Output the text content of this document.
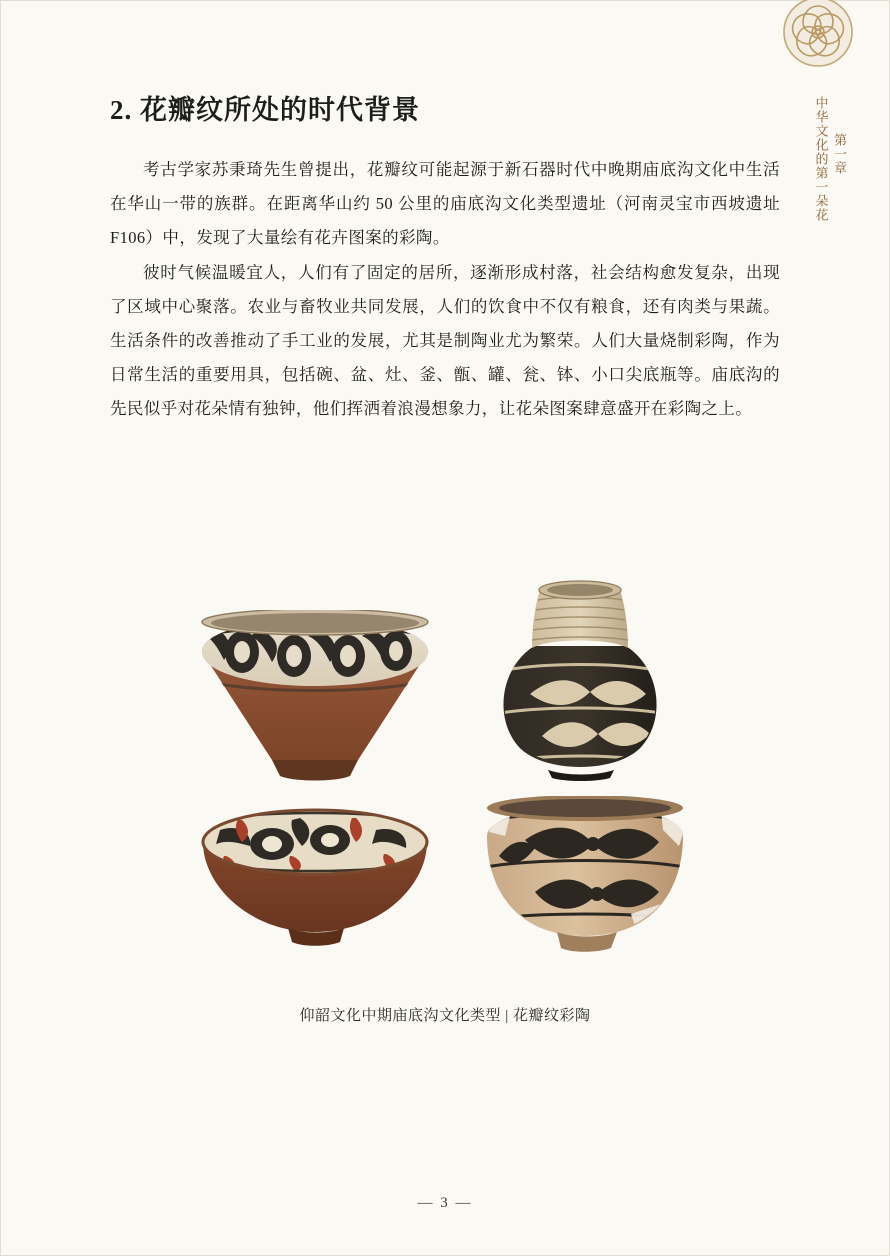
第一章
中华文化的第一朵花
2. 花瓣纹所处的时代背景

考古学家苏秉琦先生曾提出，花瓣纹可能起源于新石器时代中晚期庙底沟文化中生活在华山一带的族群。在距离华山约 50 公里的庙底沟文化类型遗址（河南灵宝市西坡遗址 F106）中，发现了大量绘有花卉图案的彩陶。

彼时气候温暖宜人，人们有了固定的居所，逐渐形成村落，社会结构愈发复杂，出现了区域中心聚落。农业与畜牧业共同发展，人们的饮食中不仅有粮食，还有肉类与果蔬。生活条件的改善推动了手工业的发展，尤其是制陶业尤为繁荣。人们大量烧制彩陶，作为日常生活的重要用具，包括碗、盆、灶、釜、甑、罐、瓮、钵、小口尖底瓶等。庙底沟的先民似乎对花朵情有独钟，他们挥洒着浪漫想象力，让花朵图案肆意盛开在彩陶之上。

仰韶文化中期庙底沟文化类型 | 花瓣纹彩陶
— 3 —
